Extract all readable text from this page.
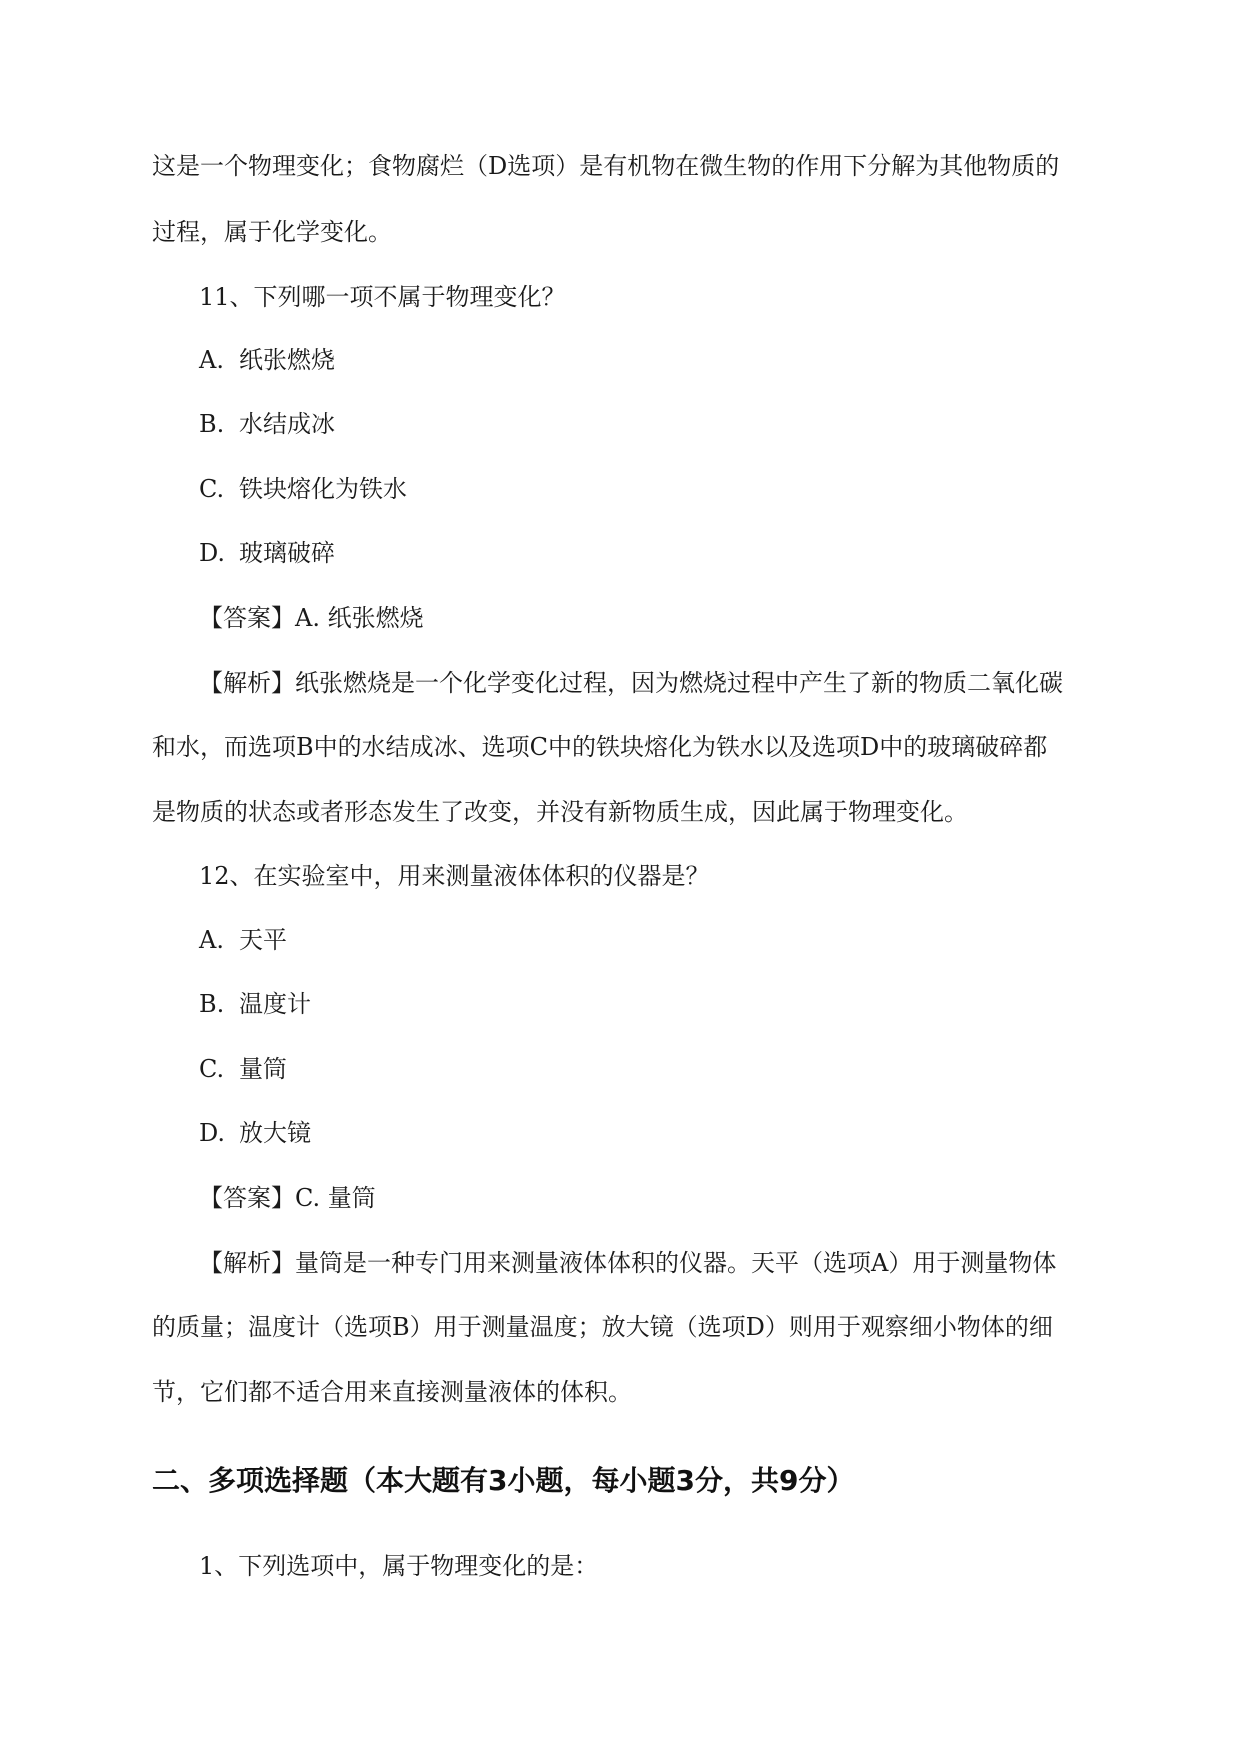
这是一个物理变化；食物腐烂（D选项）是有机物在微生物的作用下分解为其他物质的
过程，属于化学变化。
11、下列哪一项不属于物理变化？
A. 纸张燃烧
B. 水结成冰
C. 铁块熔化为铁水
D. 玻璃破碎
【答案】A. 纸张燃烧
【解析】纸张燃烧是一个化学变化过程，因为燃烧过程中产生了新的物质二氧化碳
和水，而选项B中的水结成冰、选项C中的铁块熔化为铁水以及选项D中的玻璃破碎都
是物质的状态或者形态发生了改变，并没有新物质生成，因此属于物理变化。
12、在实验室中，用来测量液体体积的仪器是？
A. 天平
B. 温度计
C. 量筒
D. 放大镜
【答案】C. 量筒
【解析】量筒是一种专门用来测量液体体积的仪器。天平（选项A）用于测量物体
的质量；温度计（选项B）用于测量温度；放大镜（选项D）则用于观察细小物体的细
节，它们都不适合用来直接测量液体的体积。
二、多项选择题（本大题有3小题，每小题3分，共9分）
1、下列选项中，属于物理变化的是：
